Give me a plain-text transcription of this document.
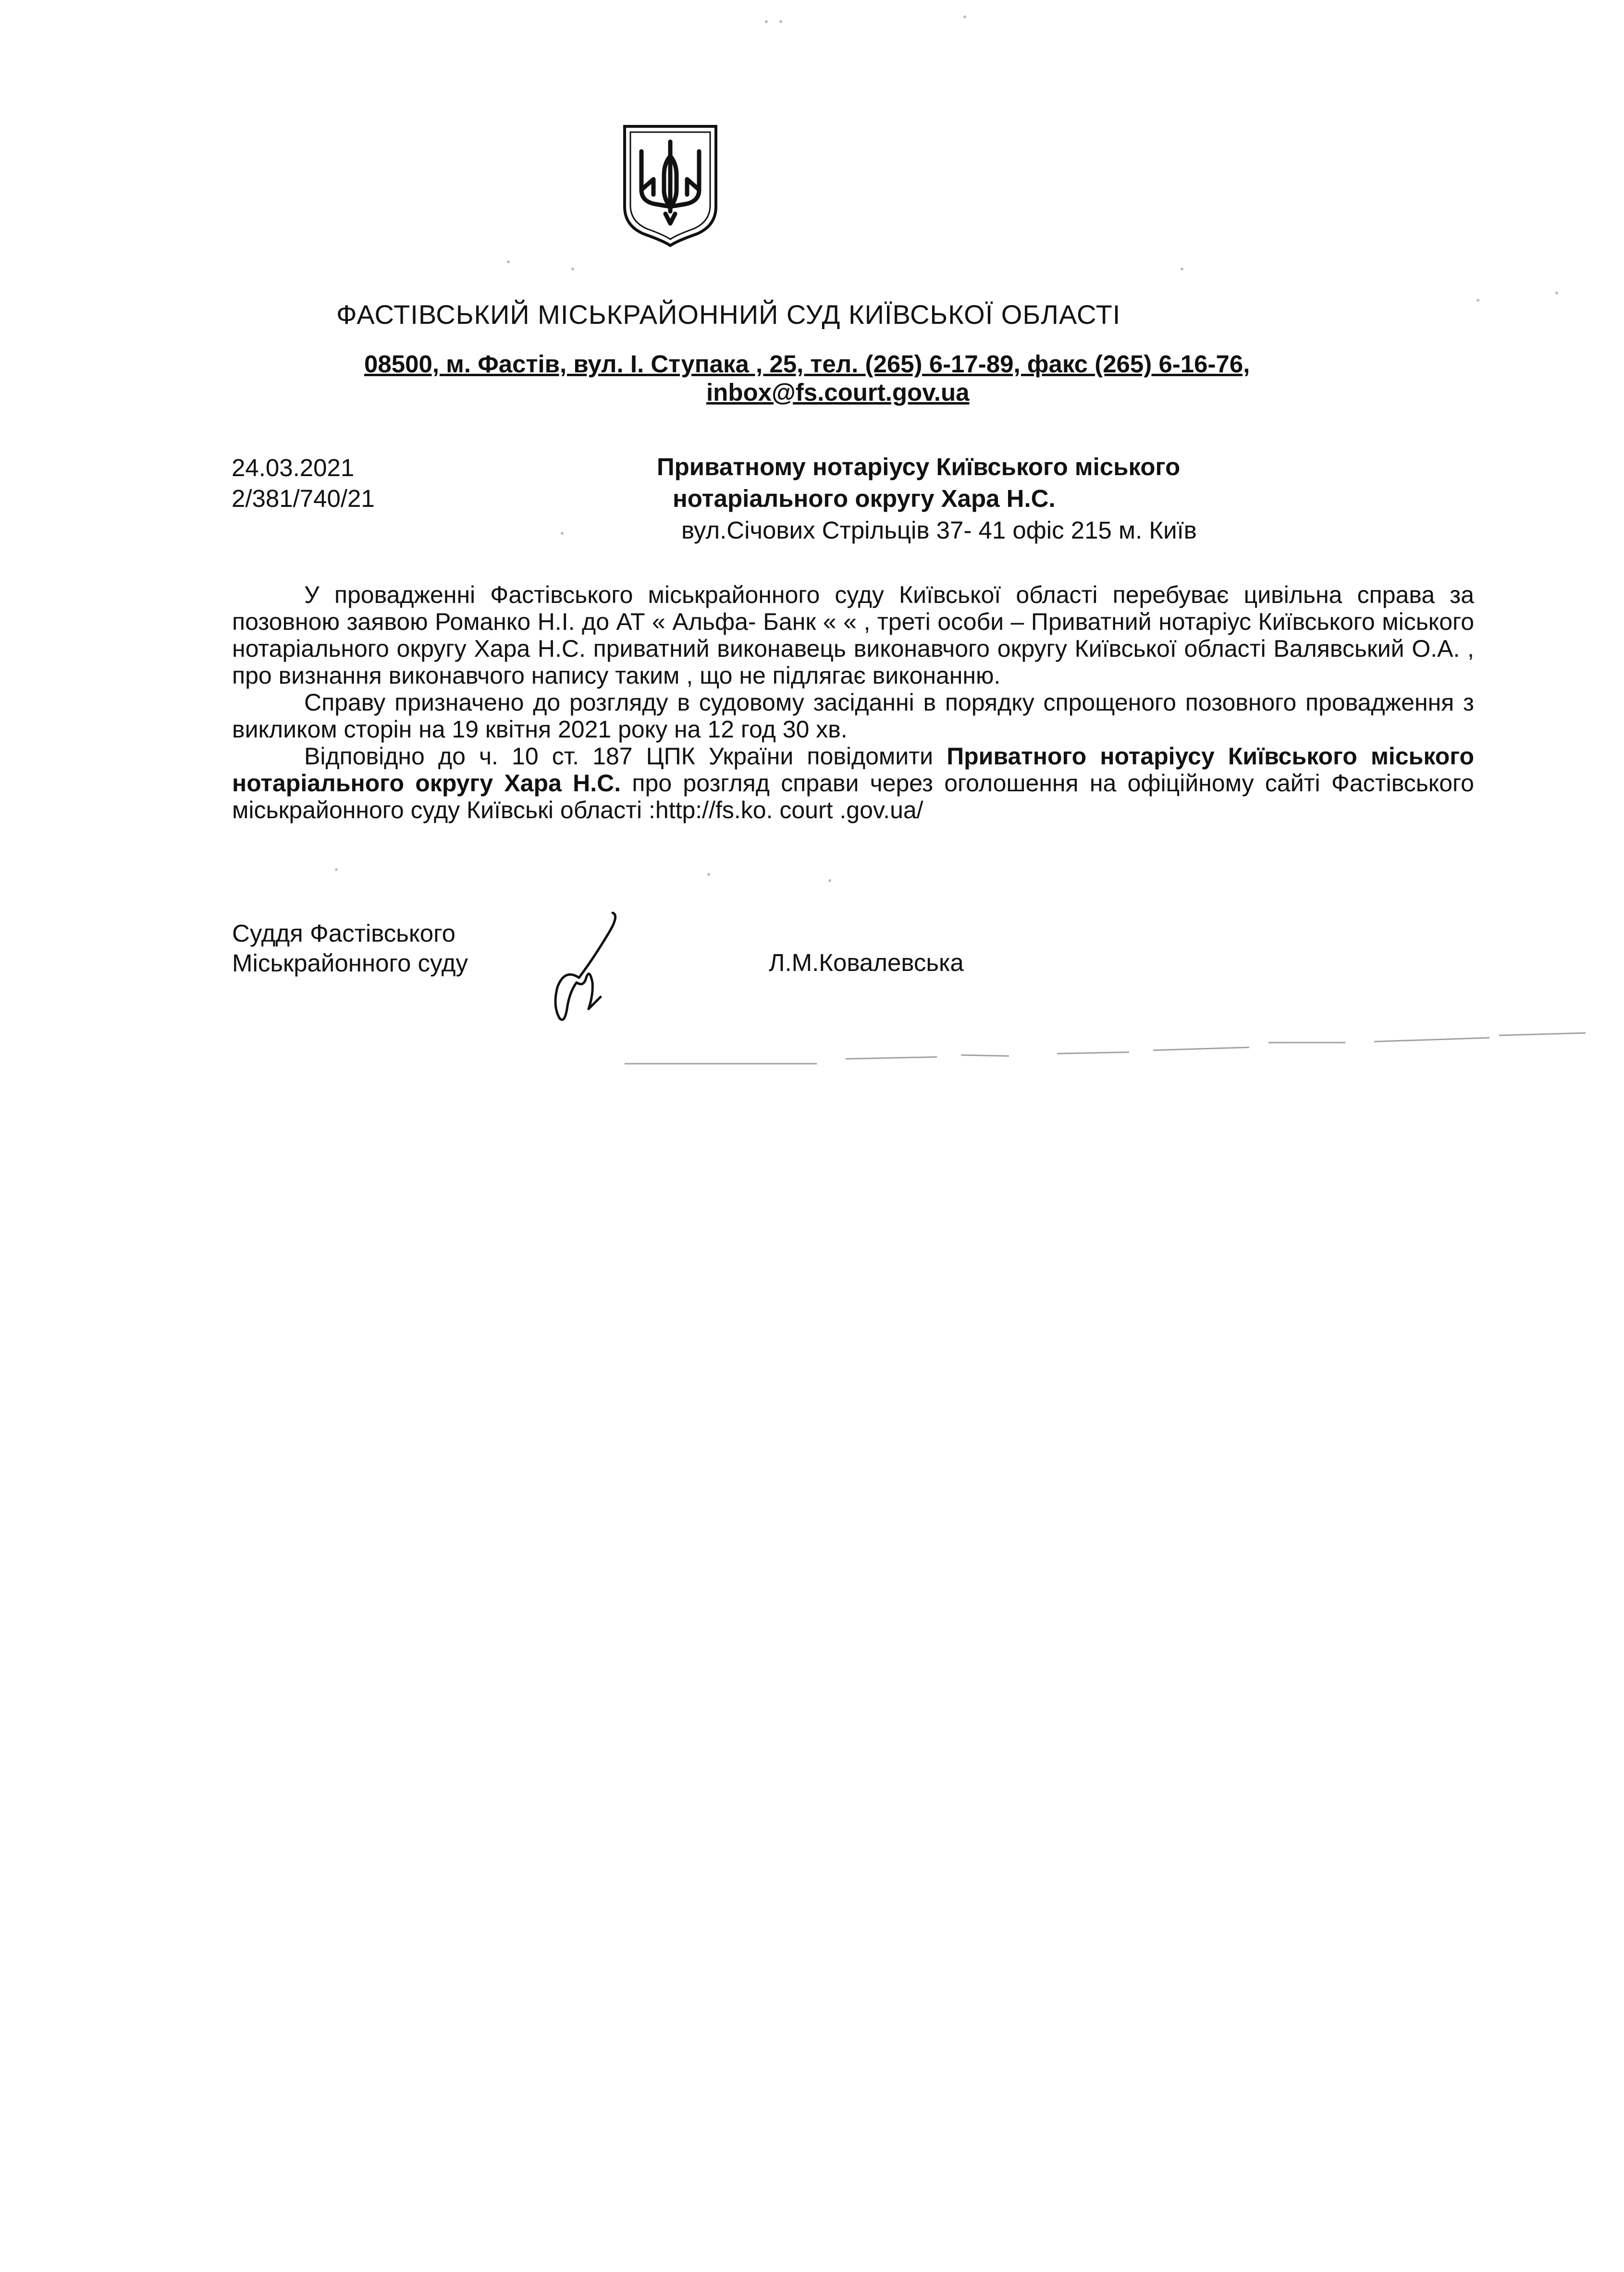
ФАСТІВСЬКИЙ МІСЬКРАЙОННИЙ СУД КИЇВСЬКОЇ ОБЛАСТІ
08500, м. Фастів, вул. І. Ступака , 25, тел. (265) 6-17-89, факс (265) 6-16-76,
inbox@fs.court.gov.ua
24.03.2021
2/381/740/21
Приватному нотаріусу Київського міського
нотаріального округу Хара Н.С.
вул.Січових Стрільців 37- 41 офіс 215 м. Київ

У провадженні Фастівського міськрайонного суду Київської області перебуває цивільна справа за позовною заявою Романко Н.І. до АТ « Альфа- Банк « « , треті особи – Приватний нотаріус Київського міського нотаріального округу Хара Н.С. приватний виконавець виконавчого округу Київської області Валявський О.А. , про визнання виконавчого напису таким , що не підлягає виконанню.

Справу призначено до розгляду в судовому засіданні в порядку спрощеного позовного провадження з викликом сторін на 19 квітня 2021 року на 12 год 30 хв.

Відповідно до ч. 10 ст. 187 ЦПК України повідомити Приватного нотаріусу Київського міського нотаріального округу Хара Н.С. про розгляд справи через оголошення на офіційному сайті Фастівського міськрайонного суду Київські області :http://fs.ko. court .gov.ua/

Суддя Фастівського
Міськрайонного суду	Л.М.Ковалевська
